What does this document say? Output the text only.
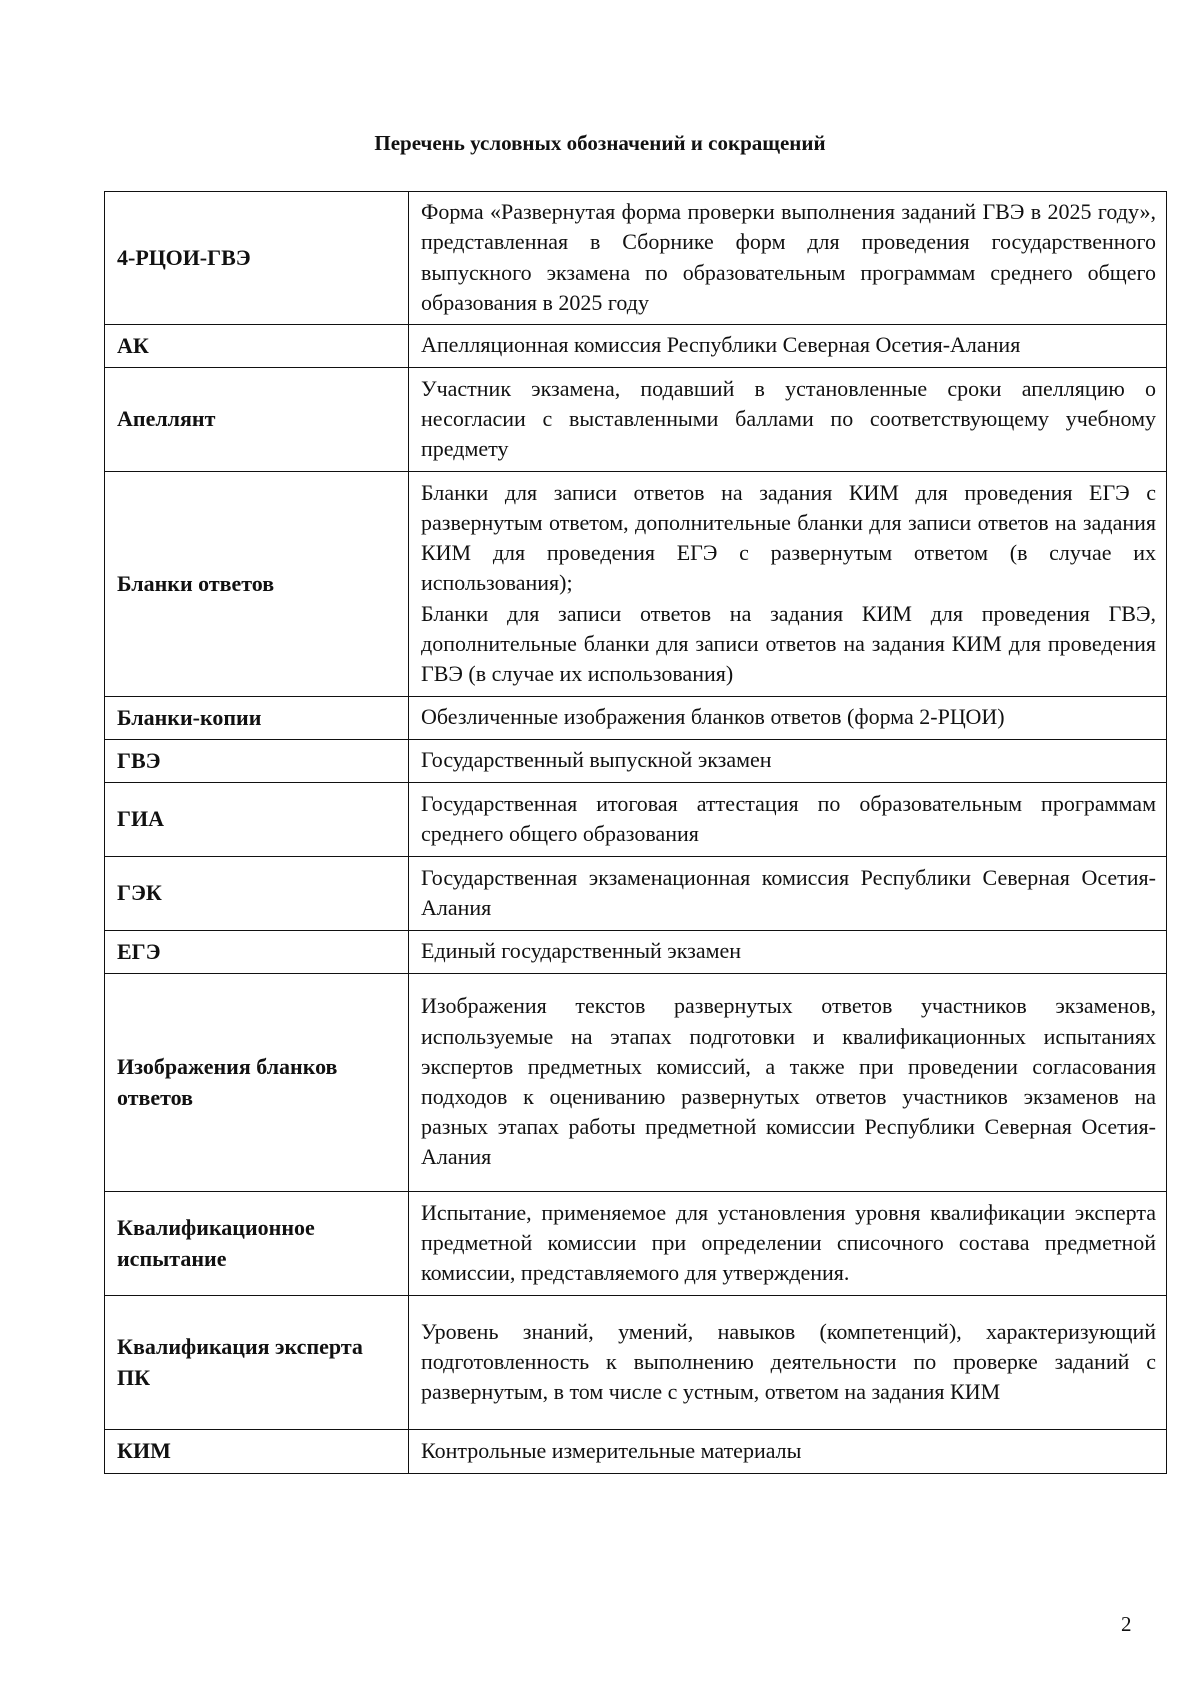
Перечень условных обозначений и сокращений
4-РЦОИ-ГВЭ	Форма «Развернутая форма проверки выполнения заданий ГВЭ в 2025 году», представленная в Сборнике форм для проведения государственного выпускного экзамена по образовательным программам среднего общего образования в 2025 году
АК	Апелляционная комиссия Республики Северная Осетия-Алания
Апеллянт	Участник экзамена, подавший в установленные сроки апелляцию о несогласии с выставленными баллами по соответствующему учебному предмету
Бланки ответов	Бланки для записи ответов на задания КИМ для проведения ЕГЭ с развернутым ответом, дополнительные бланки для записи ответов на задания КИМ для проведения ЕГЭ с развернутым ответом (в случае их использования);
Бланки для записи ответов на задания КИМ для проведения ГВЭ, дополнительные бланки для записи ответов на задания КИМ для проведения ГВЭ (в случае их использования)

Бланки-копии	Обезличенные изображения бланков ответов (форма 2-РЦОИ)
ГВЭ	Государственный выпускной экзамен
ГИА	Государственная итоговая аттестация по образовательным программам среднего общего образования
ГЭК	Государственная экзаменационная комиссия Республики Северная Осетия-Алания
ЕГЭ	Единый государственный экзамен
Изображения бланков ответов	Изображения текстов развернутых ответов участников экзаменов, используемые на этапах подготовки и квалификационных испытаниях экспертов предметных комиссий, а также при проведении согласования подходов к оцениванию развернутых ответов участников экзаменов на разных этапах работы предметной комиссии Республики Северная Осетия-Алания
Квалификационное испытание	Испытание, применяемое для установления уровня квалификации эксперта предметной комиссии при определении списочного состава предметной комиссии, представляемого для утверждения.
Квалификация эксперта ПК	Уровень знаний, умений, навыков (компетенций), характеризующий подготовленность к выполнению деятельности по проверке заданий с развернутым, в том числе с устным, ответом на задания КИМ
КИМ	Контрольные измерительные материалы
2
